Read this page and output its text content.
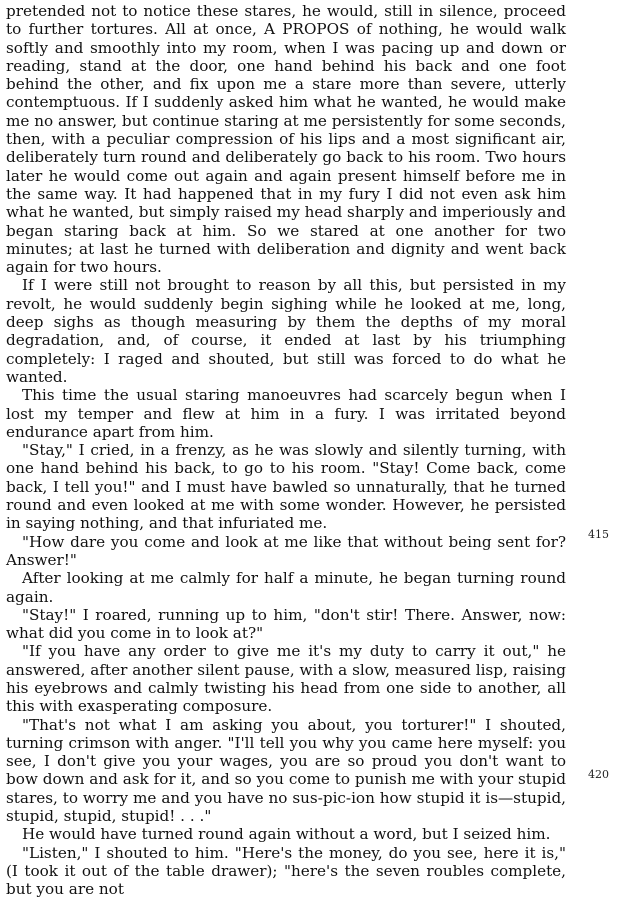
pretended not to notice these stares, he would, still in silence, proceed to further tortures. All at once, A PROPOS of nothing, he would walk softly and smoothly into my room, when I was pacing up and down or reading, stand at the door, one hand behind his back and one foot behind the other, and fix upon me a stare more than severe, utterly contemptuous. If I suddenly asked him what he wanted, he would make me no answer, but continue staring at me persistently for some seconds, then, with a peculiar compression of his lips and a most significant air, deliberately turn round and deliberately go back to his room. Two hours later he would come out again and again present himself before me in the same way. It had happened that in my fury I did not even ask him what he wanted, but simply raised my head sharply and imperiously and began staring back at him. So we stared at one another for two minutes; at last he turned with deliberation and dignity and went back again for two hours.

If I were still not brought to reason by all this, but persisted in my revolt, he would suddenly begin sighing while he looked at me, long, deep sighs as though measuring by them the depths of my moral degradation, and, of course, it ended at last by his triumphing completely: I raged and shouted, but still was forced to do what he wanted.

This time the usual staring manoeuvres had scarcely begun when I lost my temper and flew at him in a fury. I was irritated beyond endurance apart from him.

"Stay," I cried, in a frenzy, as he was slowly and silently turning, with one hand behind his back, to go to his room. "Stay! Come back, come back, I tell you!" and I must have bawled so unnaturally, that he turned round and even looked at me with some wonder. However, he persisted in saying nothing, and that infuriated me.

"How dare you come and look at me like that without being sent for? Answer!"

After looking at me calmly for half a minute, he began turning round again.

"Stay!" I roared, running up to him, "don't stir! There. Answer, now: what did you come in to look at?"

"If you have any order to give me it's my duty to carry it out," he answered, after another silent pause, with a slow, measured lisp, raising his eyebrows and calmly twisting his head from one side to another, all this with exasperating composure.

"That's not what I am asking you about, you torturer!" I shouted, turning crimson with anger. "I'll tell you why you came here myself: you see, I don't give you your wages, you are so proud you don't want to bow down and ask for it, and so you come to punish me with your stupid stares, to worry me and you have no sus-pic-ion how stupid it is—stupid, stupid, stupid, stupid! . . ."

He would have turned round again without a word, but I seized him.

"Listen," I shouted to him. "Here's the money, do you see, here it is," (I took it out of the table drawer); "here's the seven roubles complete, but you are not

415
420
